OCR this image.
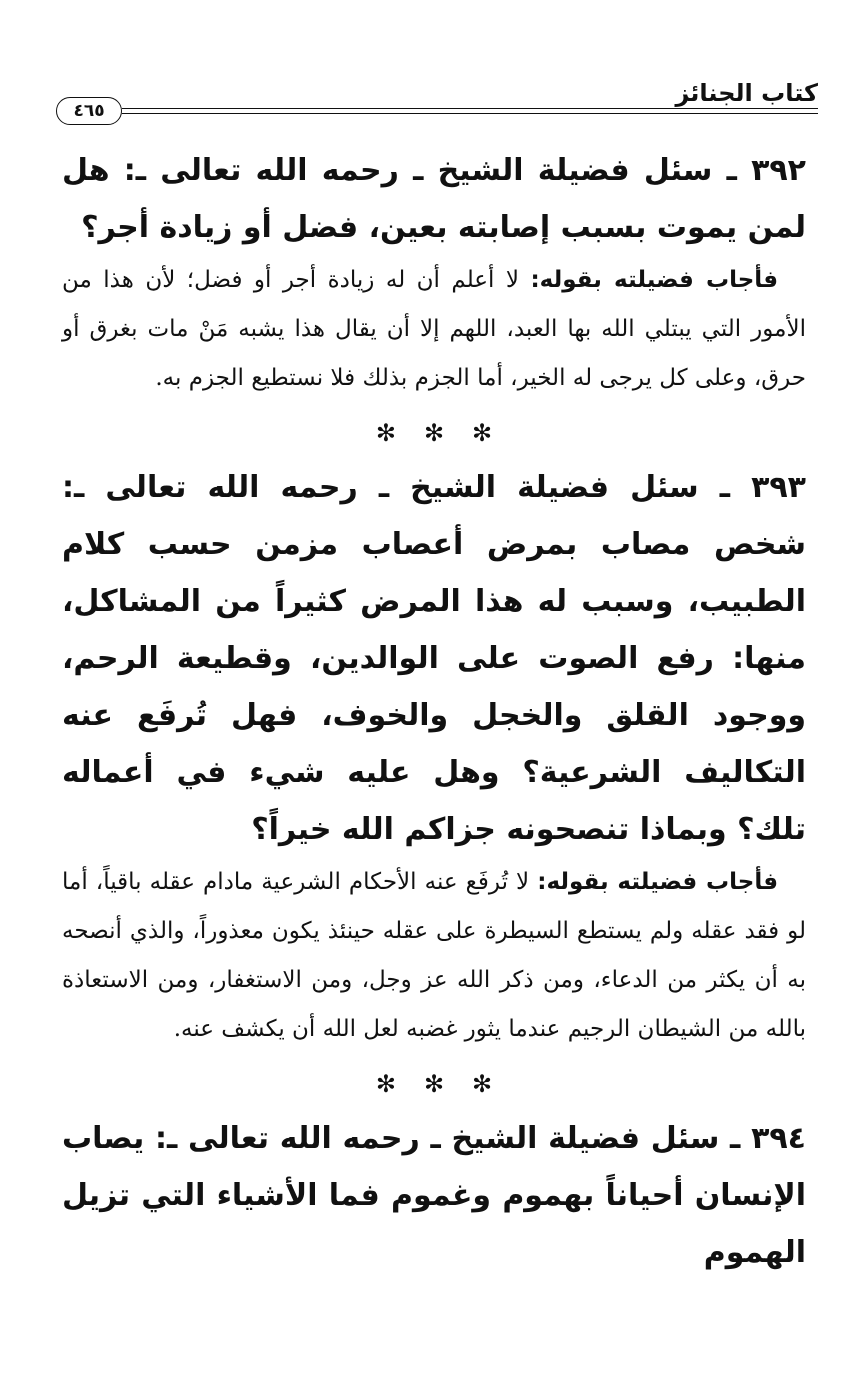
كتاب الجنائز
٤٦٥

٣٩٢ ـ سئل فضيلة الشيخ ـ رحمه الله تعالى ـ: هل لمن يموت بسبب إصابته بعين، فضل أو زيادة أجر؟

فأجاب فضيلته بقوله: لا أعلم أن له زيادة أجر أو فضل؛ لأن هذا من الأمور التي يبتلي الله بها العبد، اللهم إلا أن يقال هذا يشبه مَنْ مات بغرق أو حرق، وعلى كل يرجى له الخير، أما الجزم بذلك فلا نستطيع الجزم به.

✻✻✻

٣٩٣ ـ سئل فضيلة الشيخ ـ رحمه الله تعالى ـ: شخص مصاب بمرض أعصاب مزمن حسب كلام الطبيب، وسبب له هذا المرض كثيراً من المشاكل، منها: رفع الصوت على الوالدين، وقطيعة الرحم، ووجود القلق والخجل والخوف، فهل تُرفَع عنه التكاليف الشرعية؟ وهل عليه شيء في أعماله تلك؟ وبماذا تنصحونه جزاكم الله خيراً؟

فأجاب فضيلته بقوله: لا تُرفَع عنه الأحكام الشرعية مادام عقله باقياً، أما لو فقد عقله ولم يستطع السيطرة على عقله حينئذ يكون معذوراً، والذي أنصحه به أن يكثر من الدعاء، ومن ذكر الله عز وجل، ومن الاستغفار، ومن الاستعاذة بالله من الشيطان الرجيم عندما يثور غضبه لعل الله أن يكشف عنه.

✻✻✻

٣٩٤ ـ سئل فضيلة الشيخ ـ رحمه الله تعالى ـ: يصاب الإنسان أحياناً بهموم وغموم فما الأشياء التي تزيل الهموم
